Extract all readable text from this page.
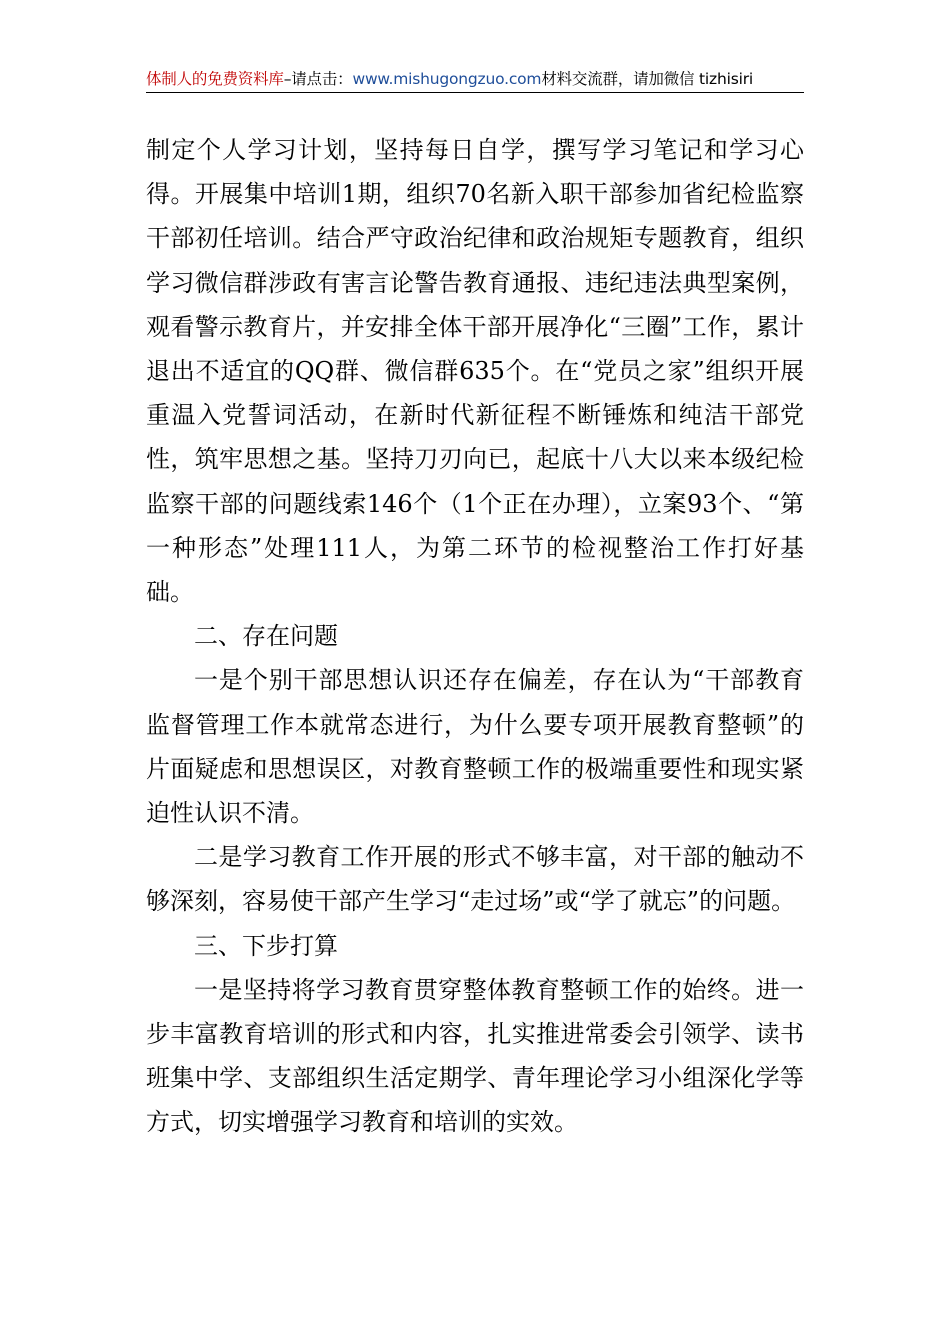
体制人的免费资料库–请点击：www.mishugongzuo.com材料交流群，请加微信 tizhisiri

制定个人学习计划，坚持每日自学，撰写学习笔记和学习心得。开展集中培训1期，组织70名新入职干部参加省纪检监察干部初任培训。结合严守政治纪律和政治规矩专题教育，组织学习微信群涉政有害言论警告教育通报、违纪违法典型案例，观看警示教育片，并安排全体干部开展净化“三圈”工作，累计退出不适宜的QQ群、微信群635个。在“党员之家”组织开展重温入党誓词活动，在新时代新征程不断锤炼和纯洁干部党性，筑牢思想之基。坚持刀刃向已，起底十八大以来本级纪检监察干部的问题线索146个（1个正在办理），立案93个、“第一种形态”处理111人，为第二环节的检视整治工作打好基础。

二、存在问题

一是个别干部思想认识还存在偏差，存在认为“干部教育监督管理工作本就常态进行，为什么要专项开展教育整顿”的片面疑虑和思想误区，对教育整顿工作的极端重要性和现实紧迫性认识不清。

二是学习教育工作开展的形式不够丰富，对干部的触动不够深刻，容易使干部产生学习“走过场”或“学了就忘”的问题。

三、下步打算

一是坚持将学习教育贯穿整体教育整顿工作的始终。进一步丰富教育培训的形式和内容，扎实推进常委会引领学、读书班集中学、支部组织生活定期学、青年理论学习小组深化学等方式，切实增强学习教育和培训的实效。
